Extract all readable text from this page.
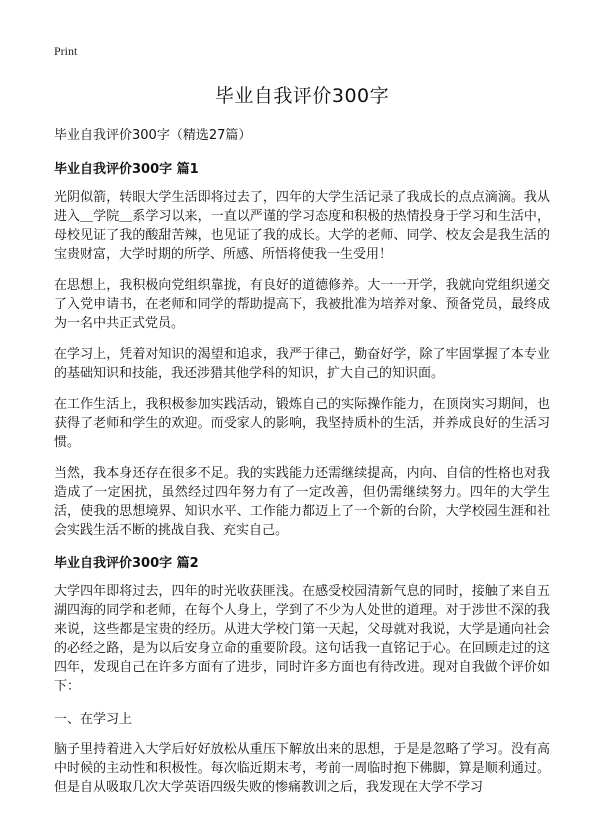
Print
毕业自我评价300字

毕业自我评价300字（精选27篇）

毕业自我评价300字 篇1

光阴似箭，转眼大学生活即将过去了，四年的大学生活记录了我成长的点点滴滴。我从进入＿学院＿系学习以来，一直以严谨的学习态度和积极的热情投身于学习和生活中，母校见证了我的酸甜苦辣，也见证了我的成长。大学的老师、同学、校友会是我生活的宝贵财富，大学时期的所学、所感、所悟将使我一生受用！

在思想上，我积极向党组织靠拢，有良好的道德修养。大一一开学，我就向党组织递交了入党申请书，在老师和同学的帮助提高下，我被批准为培养对象、预备党员，最终成为一名中共正式党员。

在学习上，凭着对知识的渴望和追求，我严于律己，勤奋好学，除了牢固掌握了本专业的基础知识和技能，我还涉猎其他学科的知识，扩大自己的知识面。

在工作生活上，我积极参加实践活动，锻炼自己的实际操作能力，在顶岗实习期间，也获得了老师和学生的欢迎。而受家人的影响，我坚持质朴的生活，并养成良好的生活习惯。

当然，我本身还存在很多不足。我的实践能力还需继续提高，内向、自信的性格也对我造成了一定困扰，虽然经过四年努力有了一定改善，但仍需继续努力。四年的大学生活，使我的思想境界、知识水平、工作能力都迈上了一个新的台阶，大学校园生涯和社会实践生活不断的挑战自我、充实自己。

毕业自我评价300字 篇2

大学四年即将过去，四年的时光收获匪浅。在感受校园清新气息的同时，接触了来自五湖四海的同学和老师，在每个人身上，学到了不少为人处世的道理。对于涉世不深的我来说，这些都是宝贵的经历。从进大学校门第一天起，父母就对我说，大学是通向社会的必经之路，是为以后安身立命的重要阶段。这句话我一直铭记于心。在回顾走过的这四年，发现自己在许多方面有了进步，同时许多方面也有待改进。现对自我做个评价如下：

一、在学习上

脑子里持着进入大学后好好放松从重压下解放出来的思想，于是是忽略了学习。没有高中时候的主动性和积极性。每次临近期末考，考前一周临时抱下佛脚，算是顺利通过。但是自从吸取几次大学英语四级失败的惨痛教训之后，我发现在大学不学习
